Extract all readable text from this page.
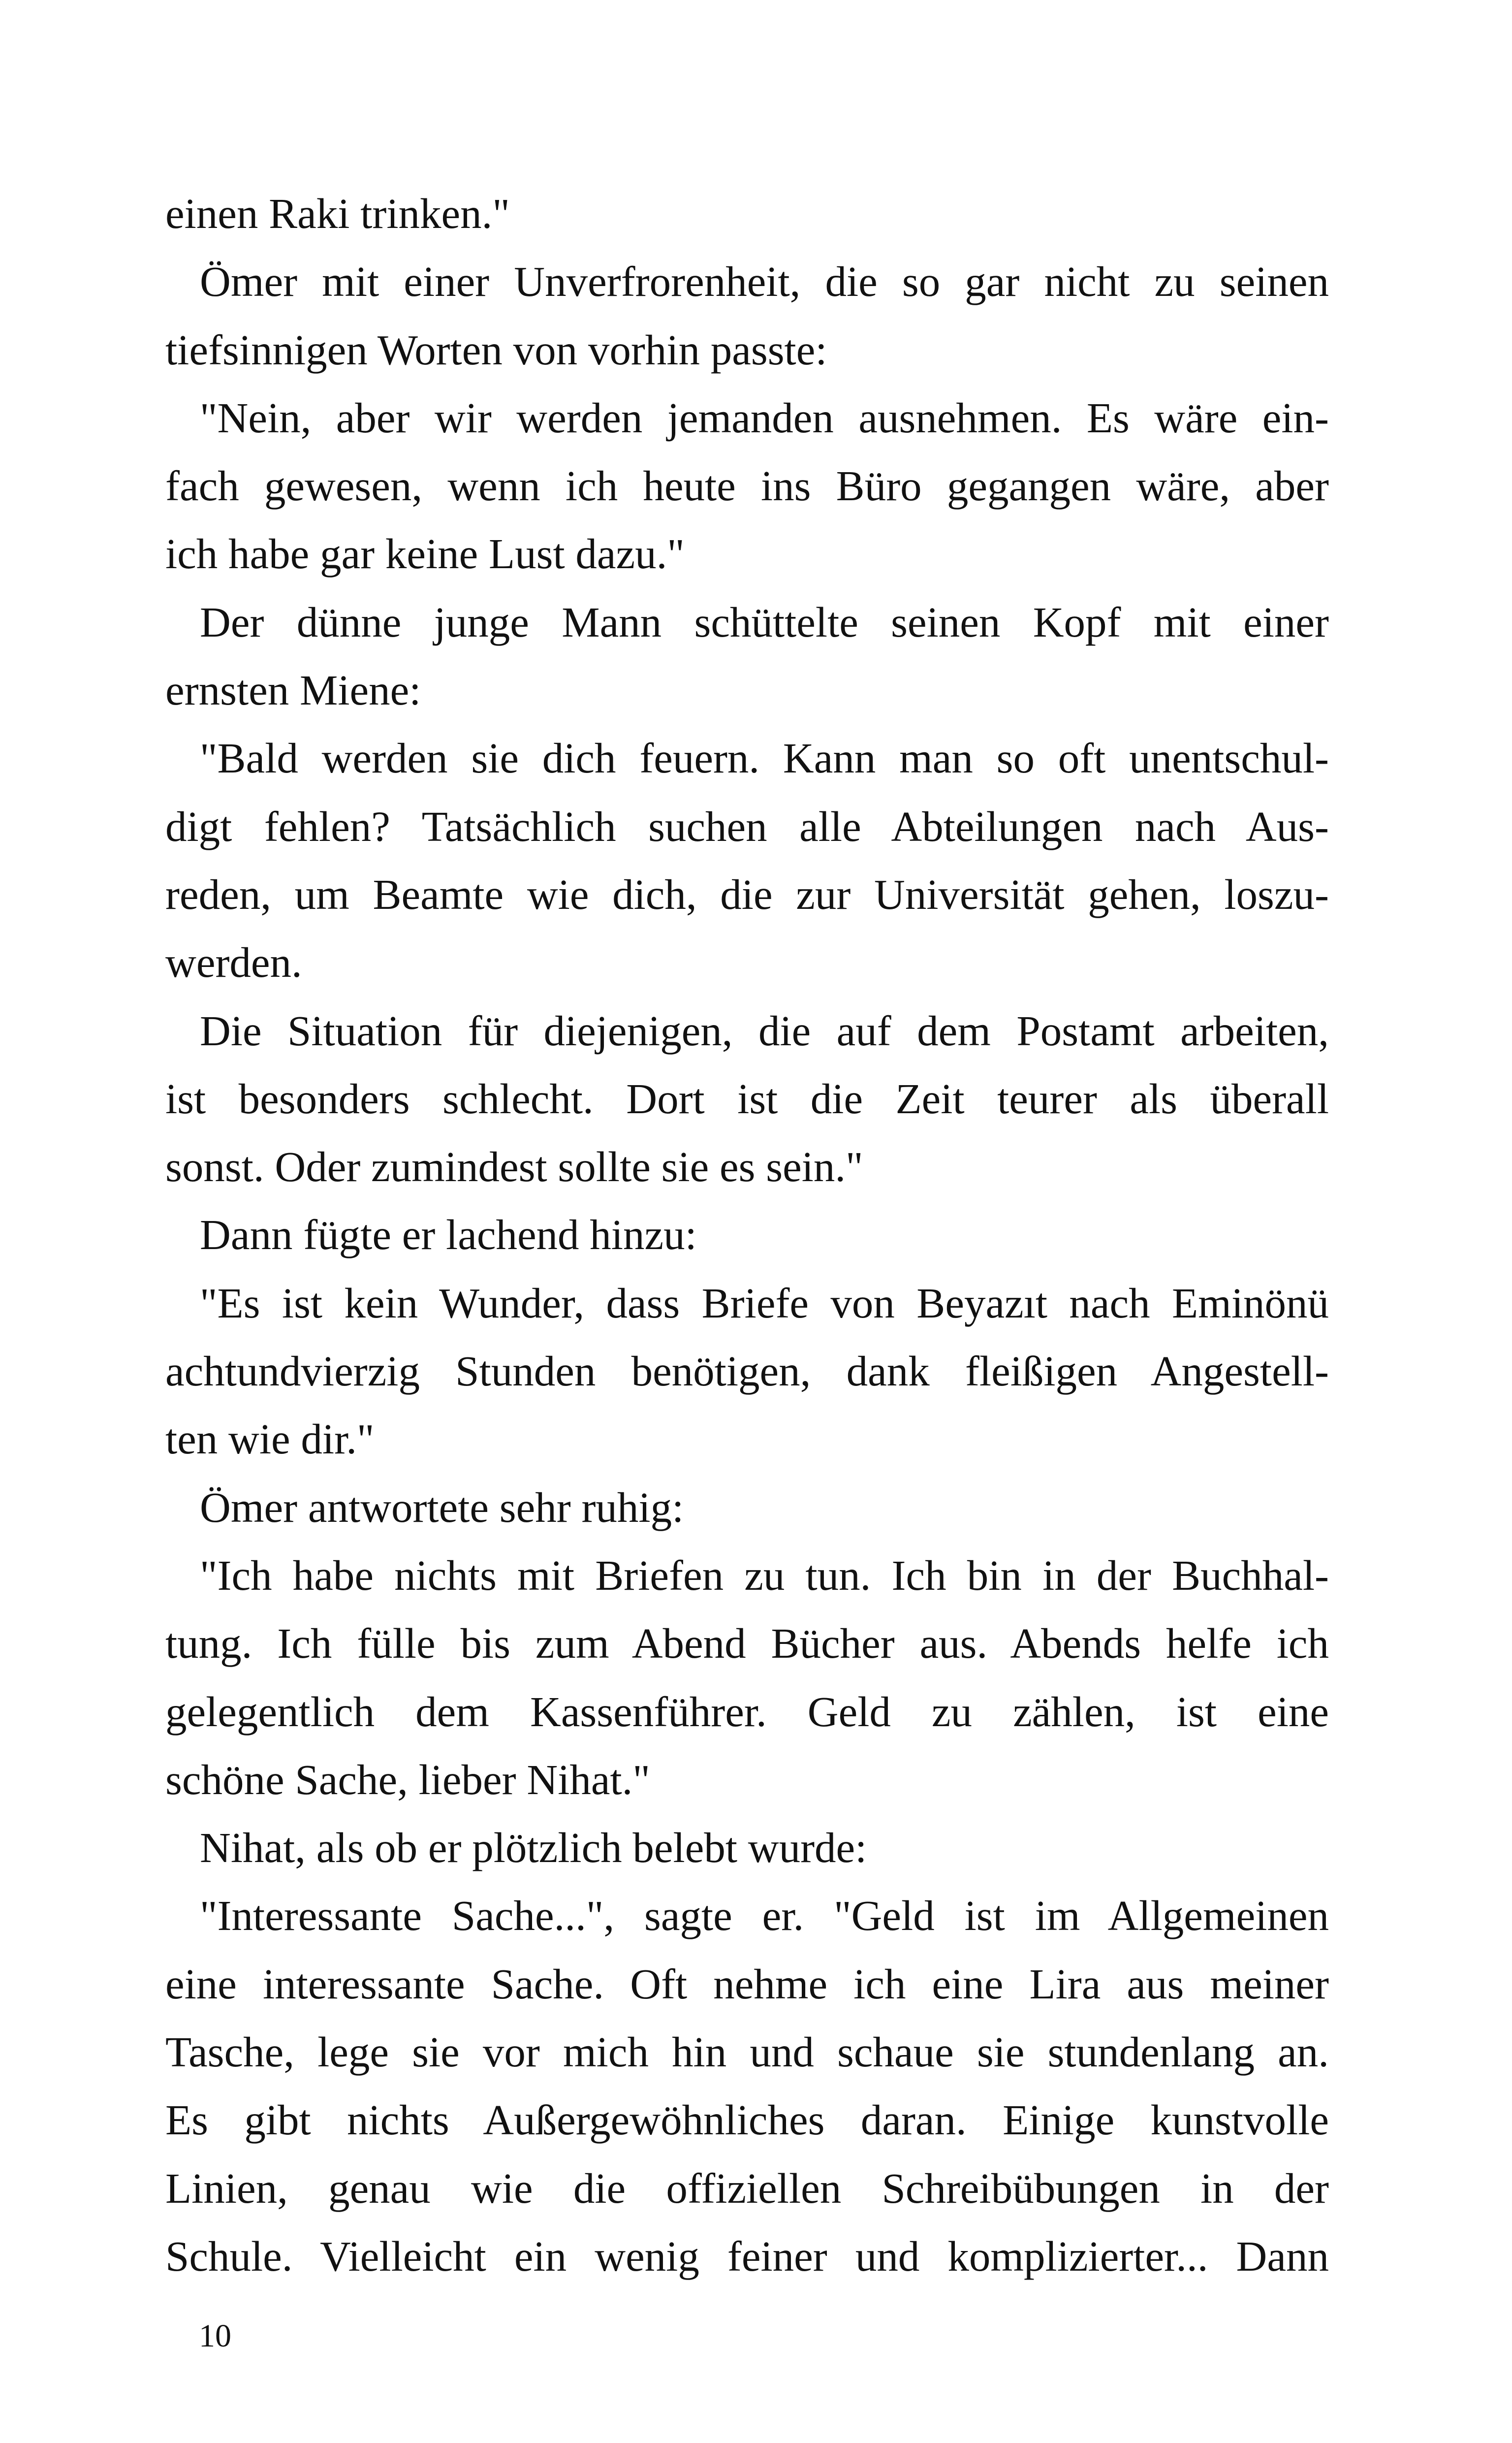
einen Raki trinken."
Ömer mit einer Unverfrorenheit, die so gar nicht zu seinen
tiefsinnigen Worten von vorhin passte:
"Nein, aber wir werden jemanden ausnehmen. Es wäre ein-
fach gewesen, wenn ich heute ins Büro gegangen wäre, aber
ich habe gar keine Lust dazu."
Der dünne junge Mann schüttelte seinen Kopf mit einer
ernsten Miene:
"Bald werden sie dich feuern. Kann man so oft unentschul-
digt fehlen? Tatsächlich suchen alle Abteilungen nach Aus-
reden, um Beamte wie dich, die zur Universität gehen, loszu-
werden.
Die Situation für diejenigen, die auf dem Postamt arbeiten,
ist besonders schlecht. Dort ist die Zeit teurer als überall
sonst. Oder zumindest sollte sie es sein."
Dann fügte er lachend hinzu:
"Es ist kein Wunder, dass Briefe von Beyazıt nach Eminönü
achtundvierzig Stunden benötigen, dank fleißigen Angestell-
ten wie dir."
Ömer antwortete sehr ruhig:
"Ich habe nichts mit Briefen zu tun. Ich bin in der Buchhal-
tung. Ich fülle bis zum Abend Bücher aus. Abends helfe ich
gelegentlich dem Kassenführer. Geld zu zählen, ist eine
schöne Sache, lieber Nihat."
Nihat, als ob er plötzlich belebt wurde:
"Interessante Sache...", sagte er. "Geld ist im Allgemeinen
eine interessante Sache. Oft nehme ich eine Lira aus meiner
Tasche, lege sie vor mich hin und schaue sie stundenlang an.
Es gibt nichts Außergewöhnliches daran. Einige kunstvolle
Linien, genau wie die offiziellen Schreibübungen in der
Schule. Vielleicht ein wenig feiner und komplizierter... Dann
10
